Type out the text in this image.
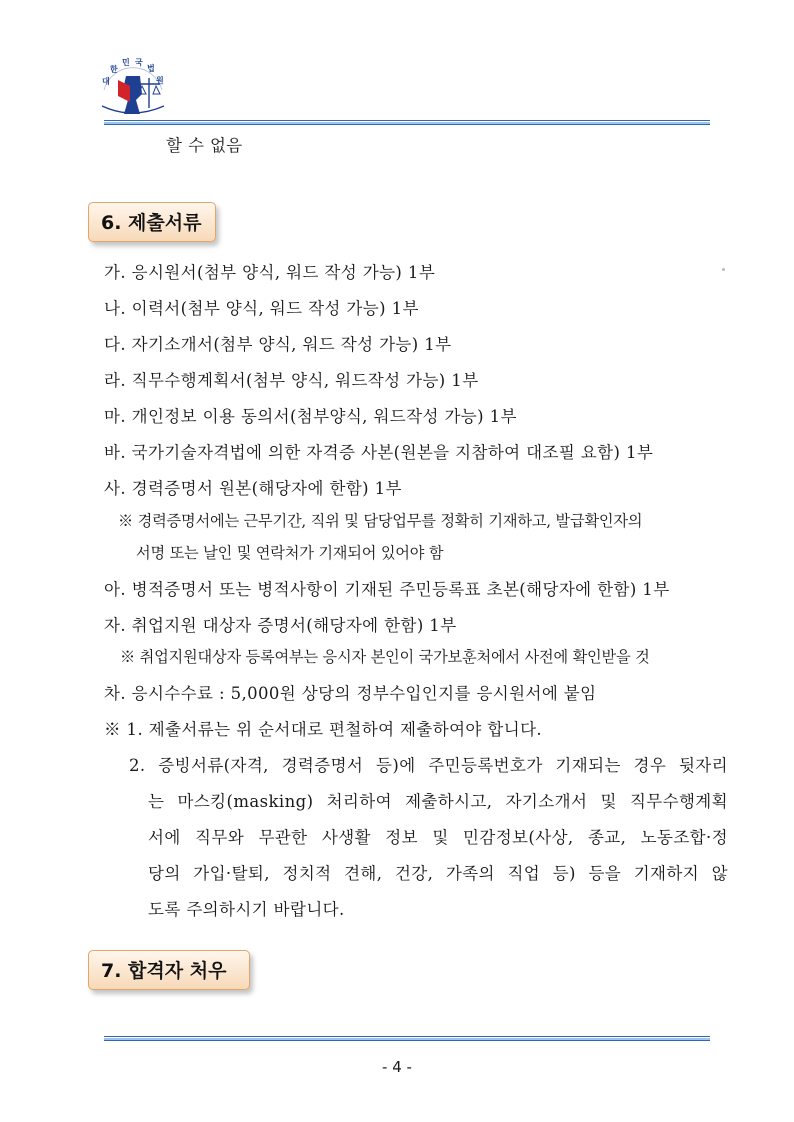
대
한
민 국
법
원
할 수 없음
6. 제출서류
가. 응시원서(첨부 양식, 워드 작성 가능) 1부
나. 이력서(첨부 양식, 워드 작성 가능) 1부
다. 자기소개서(첨부 양식, 워드 작성 가능) 1부
라. 직무수행계획서(첨부 양식, 워드작성 가능) 1부
마. 개인정보 이용 동의서(첨부양식, 워드작성 가능) 1부
바. 국가기술자격법에 의한 자격증 사본(원본을 지참하여 대조필 요함) 1부
사. 경력증명서 원본(해당자에 한함) 1부
※ 경력증명서에는 근무기간, 직위 및 담당업무를 정확히 기재하고, 발급확인자의
서명 또는 날인 및 연락처가 기재되어 있어야 함
아. 병적증명서 또는 병적사항이 기재된 주민등록표 초본(해당자에 한함) 1부
자. 취업지원 대상자 증명서(해당자에 한함) 1부
※ 취업지원대상자 등록여부는 응시자 본인이 국가보훈처에서 사전에 확인받을 것
차. 응시수수료 : 5,000원 상당의 정부수입인지를 응시원서에 붙임
※ 1. 제출서류는 위 순서대로 편철하여 제출하여야 합니다.
2. 증빙서류(자격, 경력증명서 등)에 주민등록번호가 기재되는 경우 뒷자리
는 마스킹(masking) 처리하여 제출하시고, 자기소개서 및 직무수행계획
서에 직무와 무관한 사생활 정보 및 민감정보(사상, 종교, 노동조합·정
당의 가입·탈퇴, 정치적 견해, 건강, 가족의 직업 등) 등을 기재하지 않
도록 주의하시기 바랍니다.
7. 합격자 처우
- 4 -
